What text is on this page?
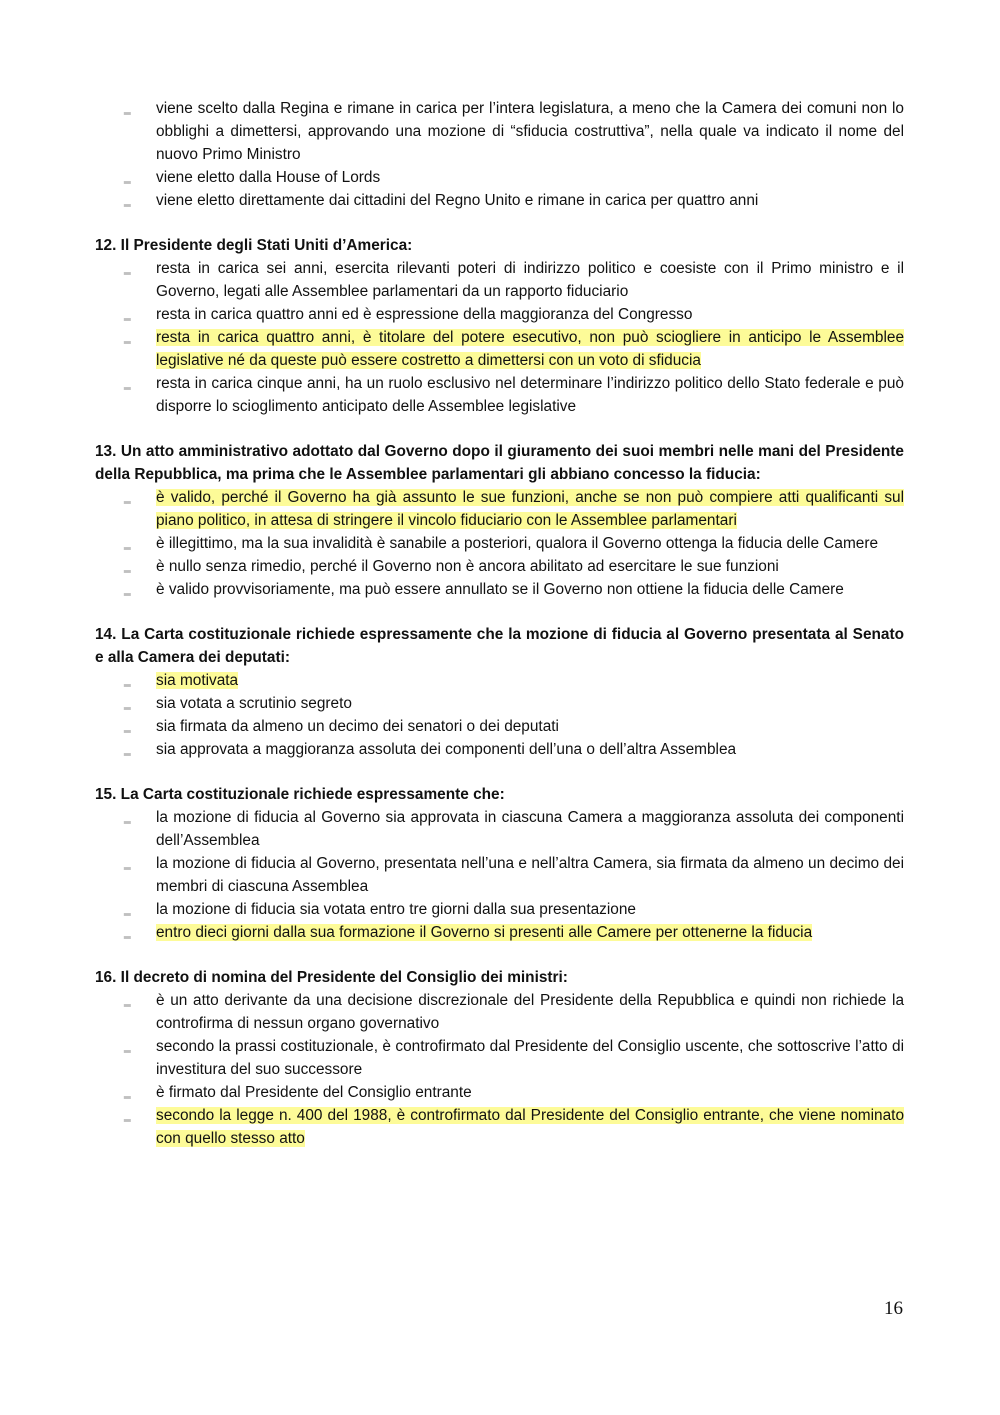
‗ viene scelto dalla Regina e rimane in carica per l’intera legislatura, a meno che la Camera dei comuni non lo obblighi a dimettersi, approvando una mozione di “sfiducia costruttiva”, nella quale va indicato il nome del nuovo Primo Ministro
‗ viene eletto dalla House of Lords
‗ viene eletto direttamente dai cittadini del Regno Unito e rimane in carica per quattro anni

12. Il Presidente degli Stati Uniti d’America:

‗ resta in carica sei anni, esercita rilevanti poteri di indirizzo politico e coesiste con il Primo ministro e il Governo, legati alle Assemblee parlamentari da un rapporto fiduciario
‗ resta in carica quattro anni ed è espressione della maggioranza del Congresso
‗ resta in carica quattro anni, è titolare del potere esecutivo, non può sciogliere in anticipo le Assemblee legislative né da queste può essere costretto a dimettersi con un voto di sfiducia
‗ resta in carica cinque anni, ha un ruolo esclusivo nel determinare l’indirizzo politico dello Stato federale e può disporre lo scioglimento anticipato delle Assemblee legislative

13. Un atto amministrativo adottato dal Governo dopo il giuramento dei suoi membri nelle mani del Presidente della Repubblica, ma prima che le Assemblee parlamentari gli abbiano concesso la fiducia:

‗ è valido, perché il Governo ha già assunto le sue funzioni, anche se non può compiere atti qualificanti sul piano politico, in attesa di stringere il vincolo fiduciario con le Assemblee parlamentari
‗ è illegittimo, ma la sua invalidità è sanabile a posteriori, qualora il Governo ottenga la fiducia delle Camere
‗ è nullo senza rimedio, perché il Governo non è ancora abilitato ad esercitare le sue funzioni
‗ è valido provvisoriamente, ma può essere annullato se il Governo non ottiene la fiducia delle Camere

14. La Carta costituzionale richiede espressamente che la mozione di fiducia al Governo presentata al Senato e alla Camera dei deputati:

‗ sia motivata
‗ sia votata a scrutinio segreto
‗ sia firmata da almeno un decimo dei senatori o dei deputati
‗ sia approvata a maggioranza assoluta dei componenti dell’una o dell’altra Assemblea

15. La Carta costituzionale richiede espressamente che:

‗ la mozione di fiducia al Governo sia approvata in ciascuna Camera a maggioranza assoluta dei componenti dell’Assemblea
‗ la mozione di fiducia al Governo, presentata nell’una e nell’altra Camera, sia firmata da almeno un decimo dei membri di ciascuna Assemblea
‗ la mozione di fiducia sia votata entro tre giorni dalla sua presentazione
‗ entro dieci giorni dalla sua formazione il Governo si presenti alle Camere per ottenerne la fiducia

16. Il decreto di nomina del Presidente del Consiglio dei ministri:

‗ è un atto derivante da una decisione discrezionale del Presidente della Repubblica e quindi non richiede la controfirma di nessun organo governativo
‗ secondo la prassi costituzionale, è controfirmato dal Presidente del Consiglio uscente, che sottoscrive l’atto di investitura del suo successore
‗ è firmato dal Presidente del Consiglio entrante
‗ secondo la legge n. 400 del 1988, è controfirmato dal Presidente del Consiglio entrante, che viene nominato con quello stesso atto
16
